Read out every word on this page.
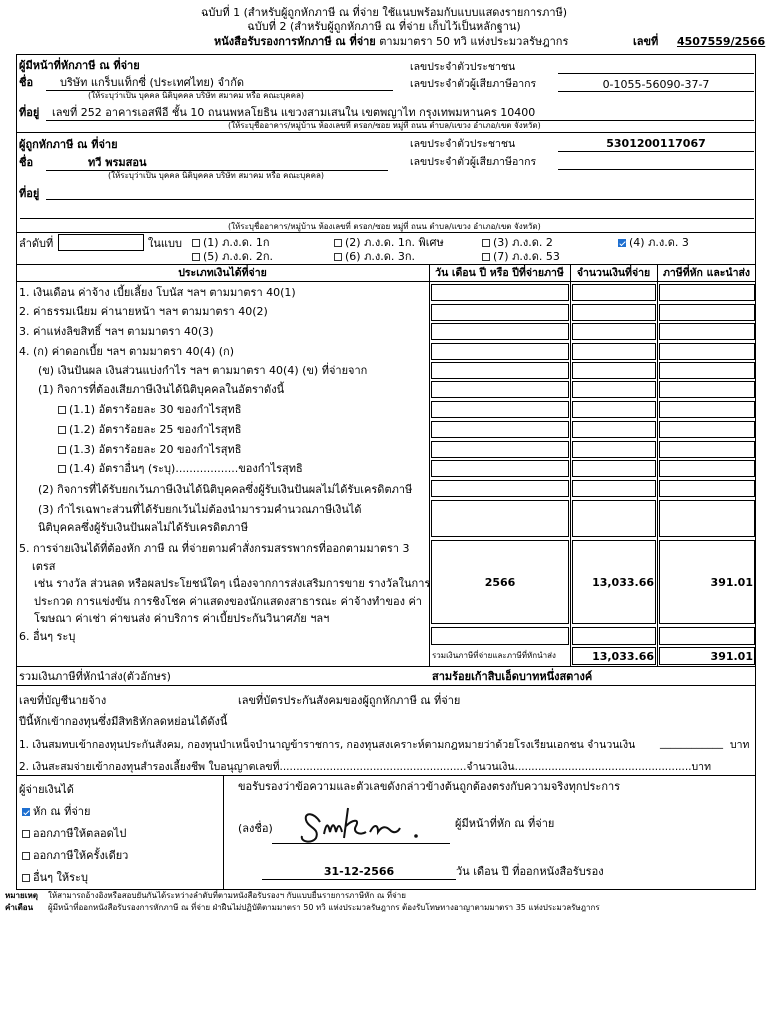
ฉบับที่ 1 (สำหรับผู้ถูกหักภาษี ณ ที่จ่าย ใช้แนบพร้อมกับแบบแสดงรายการภาษี)
ฉบับที่ 2 (สำหรับผู้ถูกหักภาษี ณ ที่จ่าย เก็บไว้เป็นหลักฐาน)
หนังสือรับรองการหักภาษี ณ ที่จ่าย ตามมาตรา 50 ทวิ แห่งประมวลรัษฎากร	เลขที่ 4507559/2566
ผู้มีหน้าที่หักภาษี ณ ที่จ่าย
ชื่อ บริษัท แกร็บแท็กซี่ (ประเทศไทย) จำกัด
(ให้ระบุว่าเป็น บุคคล นิติบุคคล บริษัท สมาคม หรือ คณะบุคคล)
ที่อยู่ เลขที่ 252 อาคารเอสพีอี ชั้น 10 ถนนพหลโยธิน แขวงสามเสนใน เขตพญาไท กรุงเทพมหานคร 10400
(ให้ระบุชื่ออาคาร/หมู่บ้าน ห้องเลขที่ ตรอก/ซอย หมู่ที่ ถนน ตำบล/แขวง อำเภอ/เขต จังหวัด)
เลขประจำตัวประชาชน
เลขประจำตัวผู้เสียภาษีอากร	0-1055-56090-37-7
ผู้ถูกหักภาษี ณ ที่จ่าย
ชื่อ	ทวี พรมสอน
(ให้ระบุว่าเป็น บุคคล นิติบุคคล บริษัท สมาคม หรือ คณะบุคคล)
ที่อยู่
(ให้ระบุชื่ออาคาร/หมู่บ้าน ห้องเลขที่ ตรอก/ซอย หมู่ที่ ถนน ตำบล/แขวง อำเภอ/เขต จังหวัด)
เลขประจำตัวประชาชน	5301200117067
เลขประจำตัวผู้เสียภาษีอากร
ลำดับที่	ในแบบ	(1) ภ.ง.ด. 1ก	(2) ภ.ง.ด. 1ก. พิเศษ	(3) ภ.ง.ด. 2	(4) ภ.ง.ด. 3
(5) ภ.ง.ด. 2ก.	(6) ภ.ง.ด. 3ก.	(7) ภ.ง.ด. 53
ประเภทเงินได้ที่จ่าย	วัน เดือน ปี หรือ ปีที่จ่ายภาษี	จำนวนเงินที่จ่าย	ภาษีที่หัก และนำส่ง
1. เงินเดือน ค่าจ้าง เบี้ยเลี้ยง โบนัส ฯลฯ ตามมาตรา 40(1)
2. ค่าธรรมเนียม ค่านายหน้า ฯลฯ ตามมาตรา 40(2)
3. ค่าแห่งลิขสิทธิ์ ฯลฯ ตามมาตรา 40(3)
4. (ก) ค่าดอกเบี้ย ฯลฯ ตามมาตรา 40(4) (ก)
(ข) เงินปันผล เงินส่วนแบ่งกำไร ฯลฯ ตามมาตรา 40(4) (ข) ที่จ่ายจาก
(1) กิจการที่ต้องเสียภาษีเงินได้นิติบุคคลในอัตราดังนี้
(1.1) อัตราร้อยละ 30 ของกำไรสุทธิ
(1.2) อัตราร้อยละ 25 ของกำไรสุทธิ
(1.3) อัตราร้อยละ 20 ของกำไรสุทธิ
(1.4) อัตราอื่นๆ (ระบุ)..................ของกำไรสุทธิ
(2) กิจการที่ได้รับยกเว้นภาษีเงินได้นิติบุคคลซึ่งผู้รับเงินปันผลไม่ได้รับเครดิตภาษี
(3) กำไรเฉพาะส่วนที่ได้รับยกเว้นไม่ต้องนำมารวมคำนวณภาษีเงินได้
นิติบุคคลซึ่งผู้รับเงินปันผลไม่ได้รับเครดิตภาษี
5. การจ่ายเงินได้ที่ต้องหัก ภาษี ณ ที่จ่ายตามคำสั่งกรมสรรพากรที่ออกตามมาตรา 3
เตรส
เช่น รางวัล ส่วนลด หรือผลประโยชน์ใดๆ เนื่องจากการส่งเสริมการขาย รางวัลในการ
ประกวด การแข่งขัน การชิงโชค ค่าแสดงของนักแสดงสาธารณะ ค่าจ้างทำของ ค่า
โฆษณา ค่าเช่า ค่าขนส่ง ค่าบริการ ค่าเบี้ยประกันวินาศภัย ฯลฯ
6. อื่นๆ ระบุ
2566	13,033.66	391.01
รวมเงินภาษีที่จ่ายและภาษีที่หักนำส่ง	13,033.66	391.01
รวมเงินภาษีที่หักนำส่ง(ตัวอักษร)	สามร้อยเก้าสิบเอ็ดบาทหนึ่งสตางค์
เลขที่บัญชีนายจ้าง	เลขที่บัตรประกันสังคมของผู้ถูกหักภาษี ณ ที่จ่าย
ปีนี้หักเข้ากองทุนซึ่งมีสิทธิหักลดหย่อนได้ดังนี้
1. เงินสมทบเข้ากองทุนประกันสังคม, กองทุนบำเหน็จบำนาญข้าราชการ, กองทุนสงเคราะห์ตามกฎหมายว่าด้วยโรงเรียนเอกชน จำนวนเงิน ____________ บาท
2. เงินสะสมจ่ายเข้ากองทุนสำรองเลี้ยงชีพ ใบอนุญาตเลขที่........................................................จำนวนเงิน.....................................................บาท
ผู้จ่ายเงินได้
หัก ณ ที่จ่าย
ออกภาษีให้ตลอดไป
ออกภาษีให้ครั้งเดียว
อื่นๆ ให้ระบุ
ขอรับรองว่าข้อความและตัวเลขดังกล่าวข้างต้นถูกต้องตรงกับความจริงทุกประการ
(ลงชื่อ)	ผู้มีหน้าที่หัก ณ ที่จ่าย
31-12-2566	วัน เดือน ปี ที่ออกหนังสือรับรอง
หมายเหตุ ให้สามารถอ้างอิงหรือสอบยันกันได้ระหว่างลำดับที่ตามหนังสือรับรองฯ กับแบบยื่นรายการภาษีหัก ณ ที่จ่าย
คำเตือน ผู้มีหน้าที่ออกหนังสือรับรองการหักภาษี ณ ที่จ่าย ฝ่าฝืนไม่ปฏิบัติตามมาตรา 50 ทวิ แห่งประมวลรัษฎากร ต้องรับโทษทางอาญาตามมาตรา 35 แห่งประมวลรัษฎากร
